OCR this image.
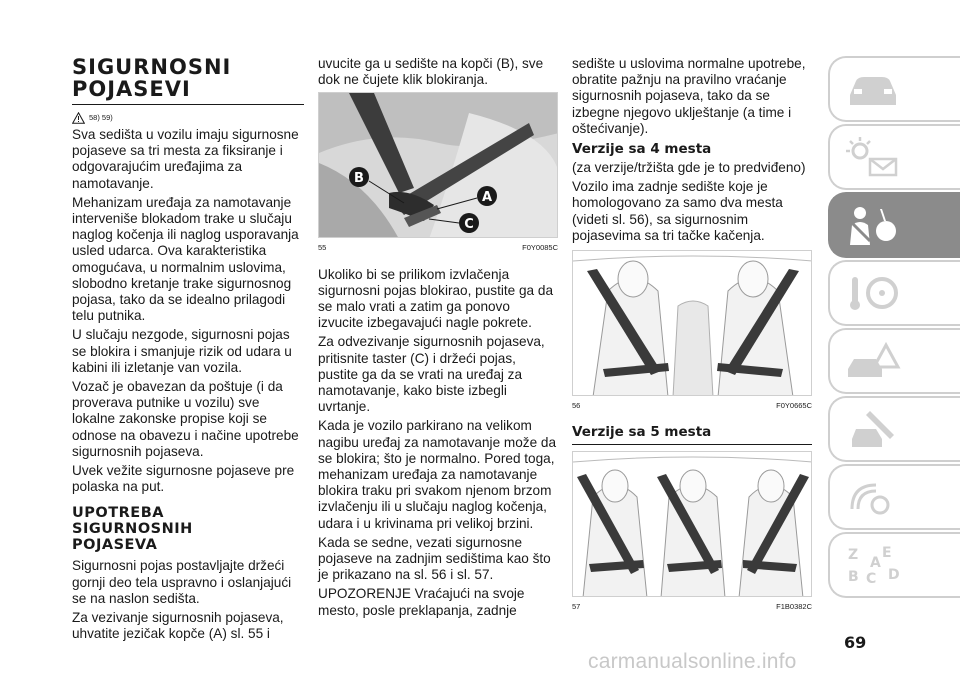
SIGURNOSNI
POJASEVI
58) 59)

Sva sedišta u vozilu imaju sigurnosne pojaseve sa tri mesta za fiksiranje i odgovarajućim uređajima za namotavanje.

Mehanizam uređaja za namotavanje interveniše blokadom trake u slučaju naglog kočenja ili naglog usporavanja usled udarca. Ova karakteristika omogućava, u normalnim uslovima, slobodno kretanje trake sigurnosnog pojasa, tako da se idealno prilagodi telu putnika.

U slučaju nezgode, sigurnosni pojas se blokira i smanjuje rizik od udara u kabini ili izletanje van vozila.

Vozač je obavezan da poštuje (i da proverava putnike u vozilu) sve lokalne zakonske propise koji se odnose na obavezu i načine upotrebe sigurnosnih pojaseva.

Uvek vežite sigurnosne pojaseve pre polaska na put.

UPOTREBA
SIGURNOSNIH
POJASEVA

Sigurnosni pojas postavljajte držeći gornji deo tela uspravno i oslanjajući se na naslon sedišta.

Za vezivanje sigurnosnih pojaseva, uhvatite jezičak kopče (A) sl. 55 i

uvucite ga u sedište na kopči (B), sve dok ne čujete klik blokiranja.

B
A
C
55	F0Y0085C

Ukoliko bi se prilikom izvlačenja sigurnosni pojas blokirao, pustite ga da se malo vrati a zatim ga ponovo izvucite izbegavajući nagle pokrete.

Za odvezivanje sigurnosnih pojaseva, pritisnite taster (C) i držeći pojas, pustite ga da se vrati na uređaj za namotavanje, kako biste izbegli uvrtanje.

Kada je vozilo parkirano na velikom nagibu uređaj za namotavanje može da se blokira; što je normalno. Pored toga, mehanizam uređaja za namotavanje blokira traku pri svakom njenom brzom izvlačenju ili u slučaju naglog kočenja, udara i u krivinama pri velikoj brzini.

Kada se sedne, vezati sigurnosne pojaseve na zadnjim sedištima kao što je prikazano na sl. 56 i sl. 57.

UPOZORENJE Vraćajući na svoje mesto, posle preklapanja, zadnje

sedište u uslovima normalne upotrebe, obratite pažnju na pravilno vraćanje sigurnosnih pojaseva, tako da se izbegne njegovo uklještanje (a time i oštećivanje).

Verzije sa 4 mesta

(za verzije/tržišta gde je to predviđeno)

Vozilo ima zadnje sedište koje je homologovano za samo dva mesta (videti sl. 56), sa sigurnosnim pojasevima sa tri tačke kačenja.

56	F0Y0665C
Verzije sa 5 mesta
57	F1B0382C
Z E
B C
A
D
69
carmanualsonline.info
